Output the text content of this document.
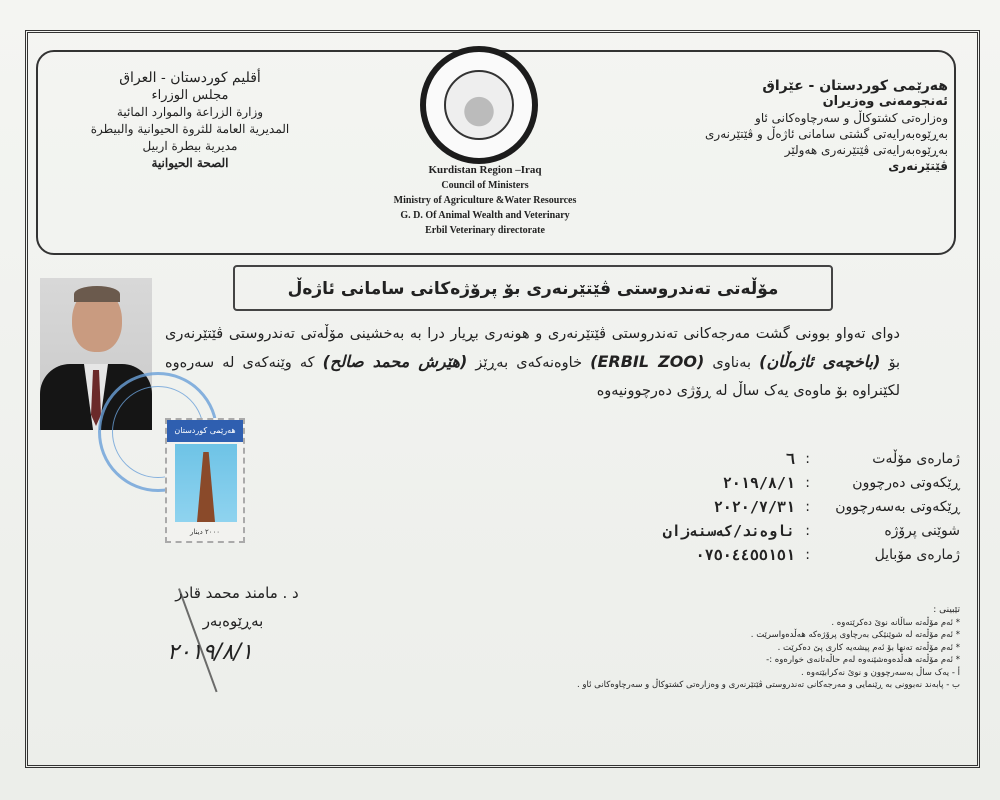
هەرێمی کوردستان - عێراق
ئەنجومەنی وەزیران
وەزارەتی کشتوکاڵ و سەرچاوەکانی ئاو
بەڕێوەبەرایەتی گشتی سامانی ئاژەڵ و ڤێتێرنەری
بەڕێوەبەرایەتی ڤێتێرنەری هەولێر
ڤێتێرنەری
أقليم كوردستان - العراق
مجلس الوزراء
وزارة الزراعة والموارد المائية
المديرية العامة للثروة الحيوانية والبيطرة
مديرية بيطرة اربيل
الصحة الحيوانية	Kurdistan Region –Iraq
Council of Ministers
Ministry of Agriculture &Water Resources
G. D. Of Animal Wealth and Veterinary
Erbil Veterinary directorate
مۆڵەتی تەندروستی ڤێتێرنەری بۆ پرۆژەکانی سامانی ئاژەڵ
هەرێمی کوردستان
٢٠٠٠ دینار
دوای تەواو بوونی گشت مەرجەکانی تەندروستی ڤێتێرنەری و هونەری بڕیار درا بە بەخشینی مۆڵەتی تەندروستی ڤێتێرنەری بۆ (باخچەی ئاژەڵان) بەناوی (ERBIL ZOO) خاوەنەکەی بەڕێز (هێرش محمد صالح) کە وێنەکەی لە سەرەوە لکێنراوە بۆ ماوەی یەک ساڵ لە ڕۆژی دەرچوونیەوە
ژمارەی مۆڵەت
:
٦
ڕێکەوتی دەرچوون
:
٢٠١٩/٨/١
ڕێکەوتی بەسەرچوون
:
٢٠٢٠/٧/٣١
شوێنی پرۆژە
:
ناوەند/کەسنەزان
ژمارەی مۆبایل
:
٠٧٥٠٤٤٥٥١٥١
د . مامند محمد قادر
بەڕێوەبەر
٢٠١٩/٨/١
تێبینی :
* ئەم مۆڵەتە ساڵانە نوێ دەکرێتەوە .
* ئەم مۆڵەتە لە شوێنێکی بەرچاوی پرۆژەکە هەڵدەواسرێت .
* ئەم مۆڵەتە تەنها بۆ ئەم پیشەیە کاری پێ دەکرێت .
* ئەم مۆڵەتە هەڵدەوەشێنەوە لەم حاڵەتانەی خوارەوە :-
أ - یەک ساڵ بەسەرچوون و نوێ نەکرابێتەوە .
ب - پابەند نەبوونی بە ڕێنمایی و مەرجەکانی تەندروستی ڤێتێرنەری و وەزارەتی کشتوکاڵ و سەرچاوەکانی ئاو .
